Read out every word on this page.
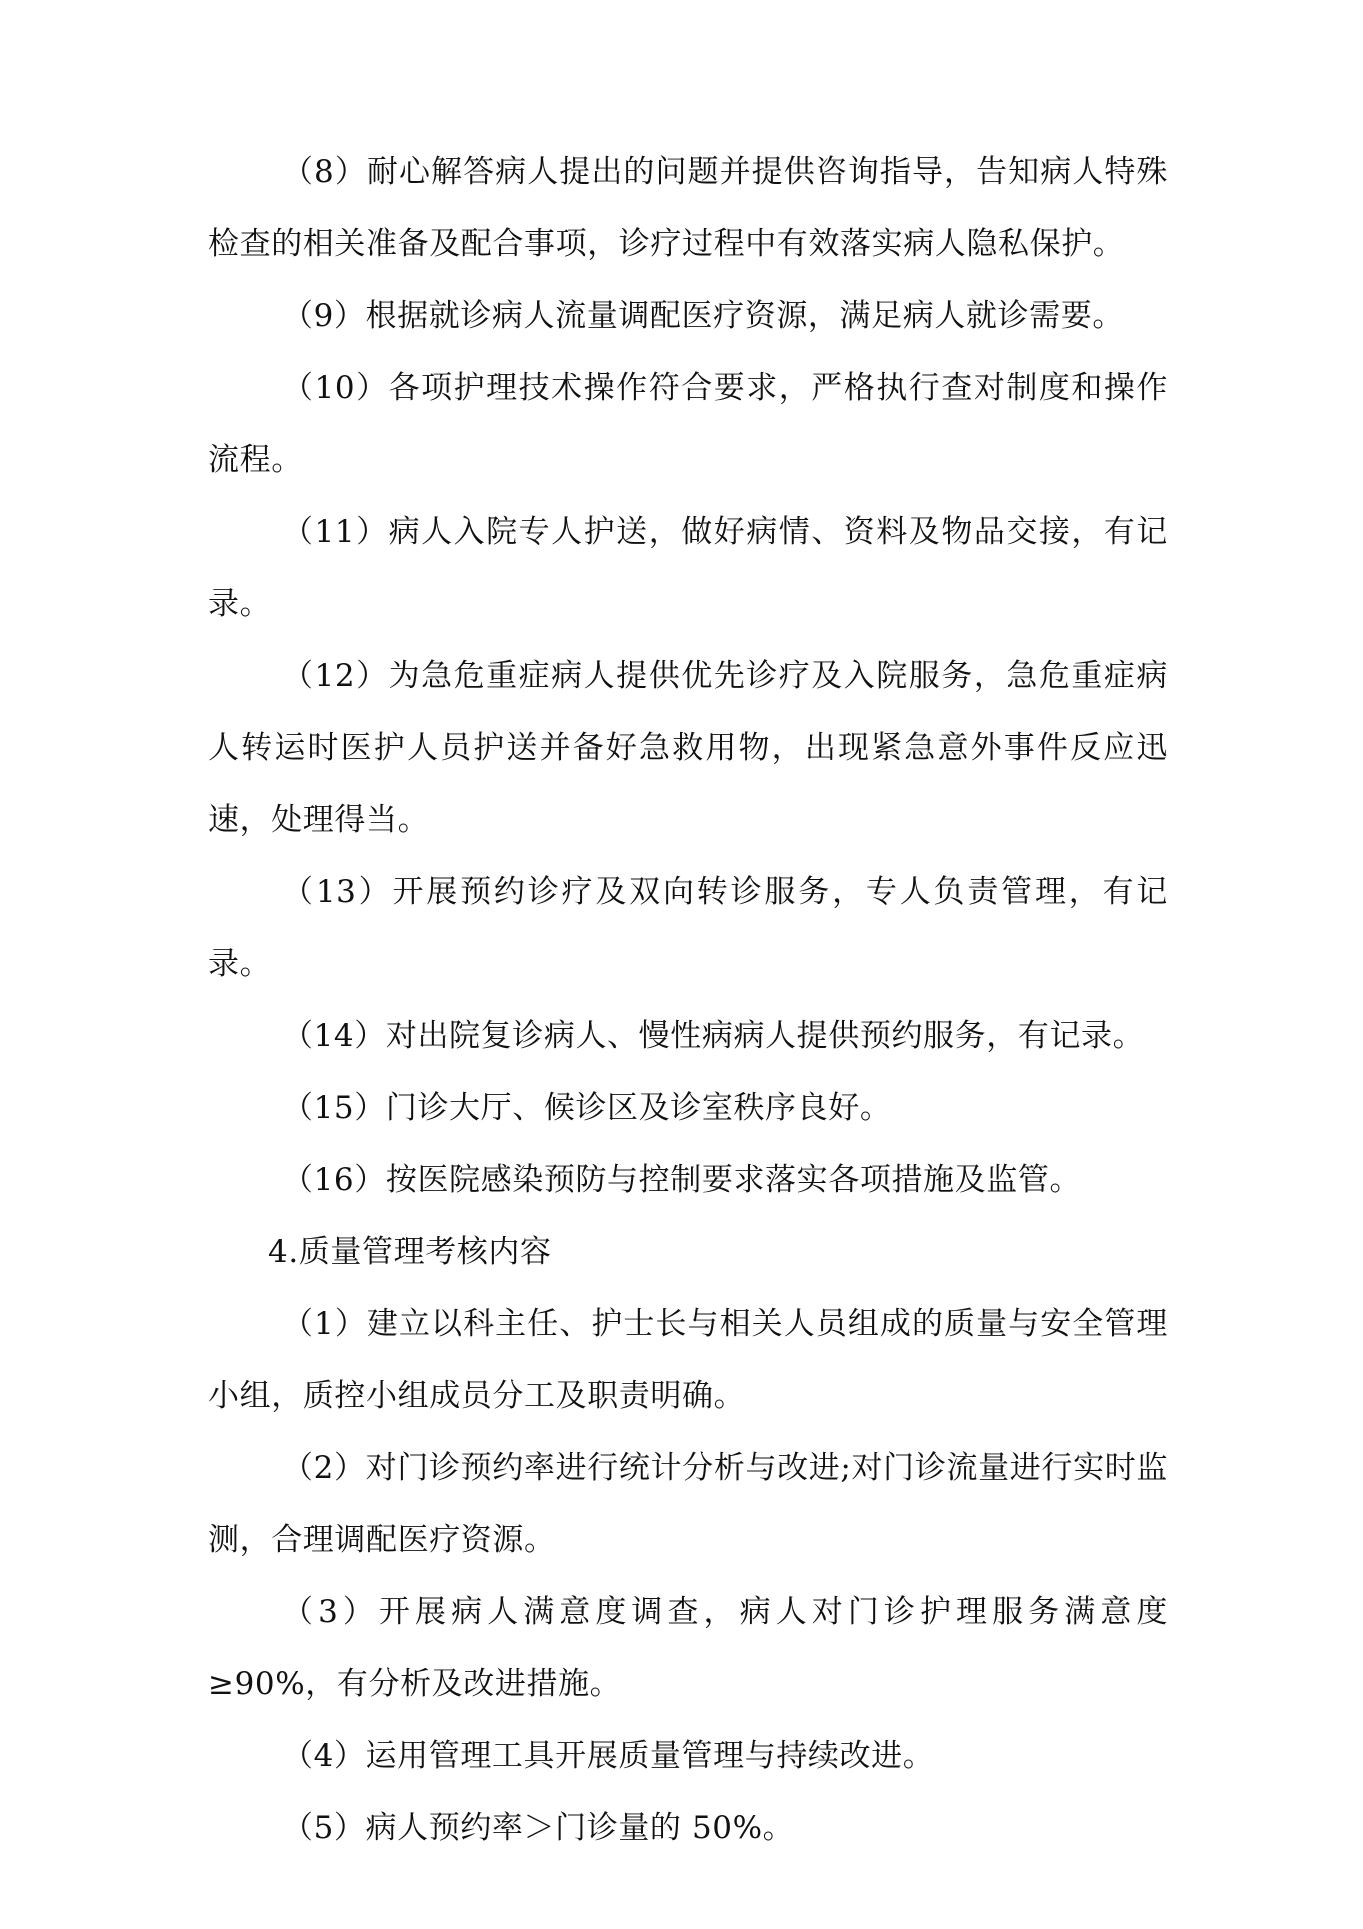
（8）耐心解答病人提出的问题并提供咨询指导，告知病人特殊检查的相关准备及配合事项，诊疗过程中有效落实病人隐私保护。

（9）根据就诊病人流量调配医疗资源，满足病人就诊需要。

（10）各项护理技术操作符合要求，严格执行查对制度和操作流程。

（11）病人入院专人护送，做好病情、资料及物品交接，有记录。

（12）为急危重症病人提供优先诊疗及入院服务，急危重症病人转运时医护人员护送并备好急救用物，出现紧急意外事件反应迅速，处理得当。

（13）开展预约诊疗及双向转诊服务，专人负责管理，有记录。

（14）对出院复诊病人、慢性病病人提供预约服务，有记录。

（15）门诊大厅、候诊区及诊室秩序良好。

（16）按医院感染预防与控制要求落实各项措施及监管。

4.质量管理考核内容

（1）建立以科主任、护士长与相关人员组成的质量与安全管理小组，质控小组成员分工及职责明确。

（2）对门诊预约率进行统计分析与改进;对门诊流量进行实时监测，合理调配医疗资源。

（3）开展病人满意度调查，病人对门诊护理服务满意度≥90%，有分析及改进措施。

（4）运用管理工具开展质量管理与持续改进。

（5）病人预约率＞门诊量的 50%。
